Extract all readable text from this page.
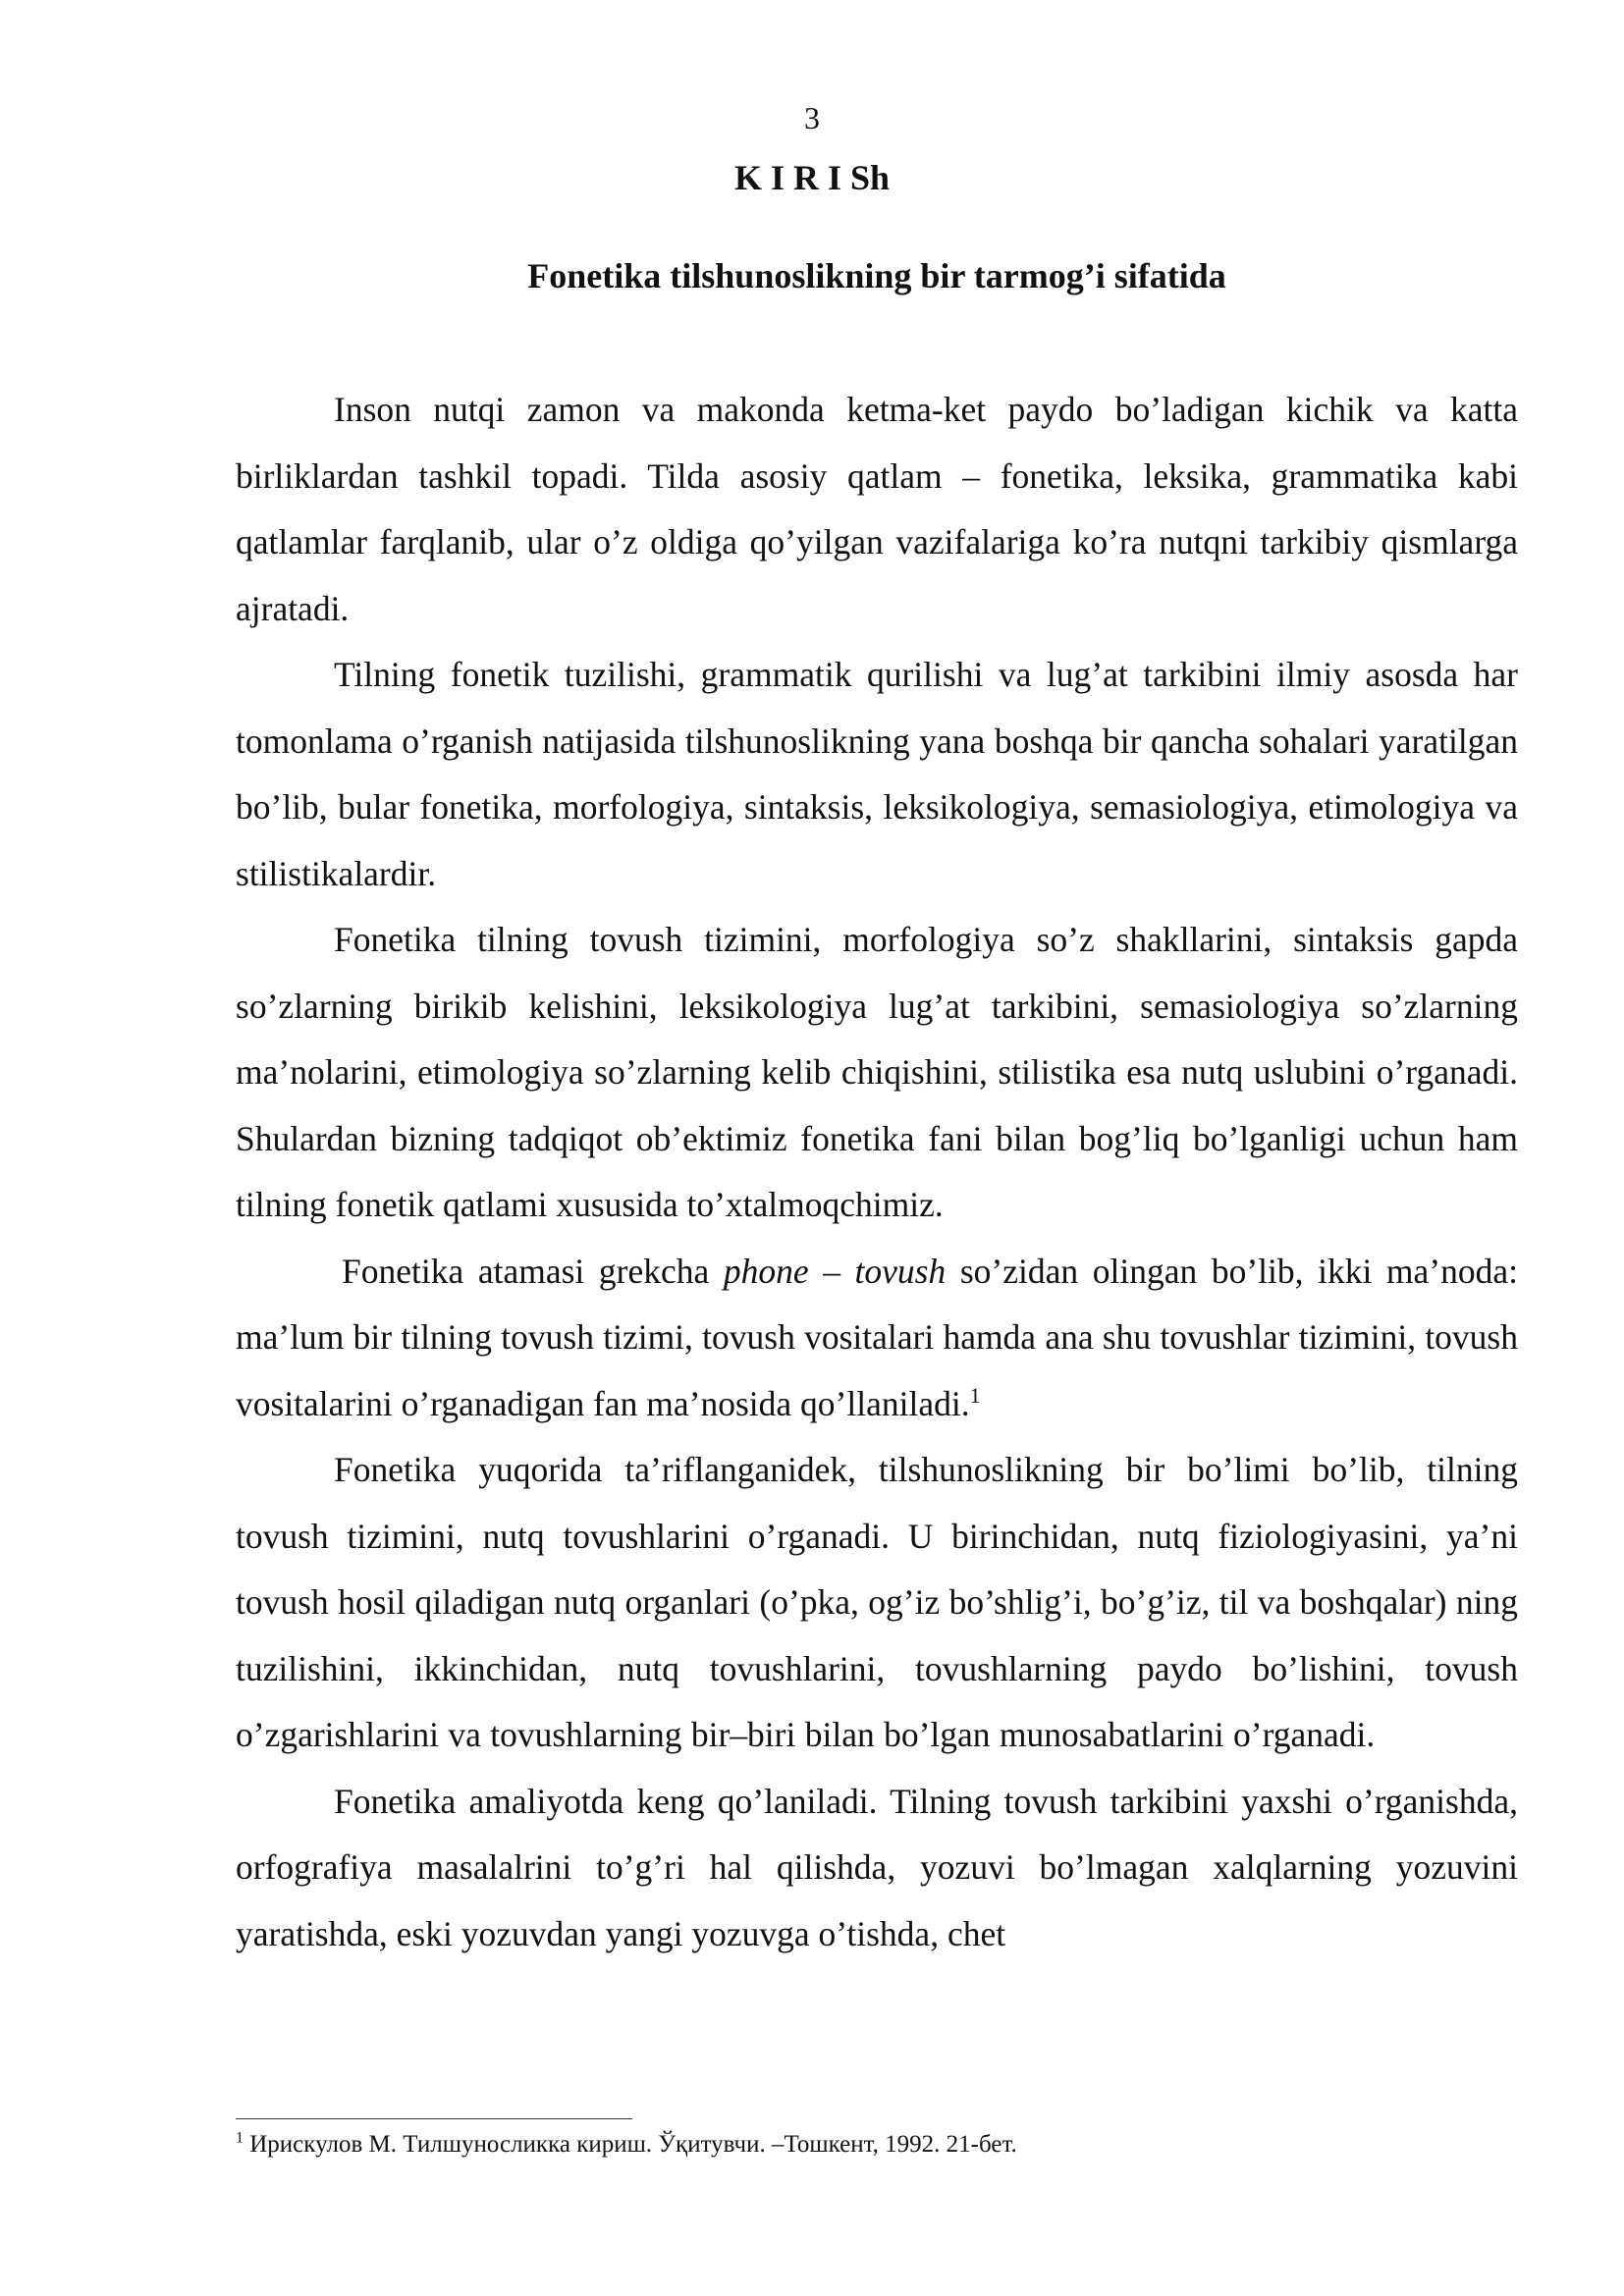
3
K I R I Sh
Fonetika tilshunoslikning bir tarmog’i sifatida

Inson nutqi zamon va makonda ketma-ket paydo bo’ladigan kichik va katta birliklardan tashkil topadi. Tilda asosiy qatlam – fonetika, leksika, grammatika kabi qatlamlar farqlanib, ular o’z oldiga qo’yilgan vazifalariga ko’ra nutqni tarkibiy qismlarga ajratadi.

Tilning fonetik tuzilishi, grammatik qurilishi va lug’at tarkibini ilmiy asosda har tomonlama o’rganish natijasida tilshunoslikning yana boshqa bir qancha sohalari yaratilgan bo’lib, bular fonetika, morfologiya, sintaksis, leksikologiya, semasiologiya, etimologiya va stilistikalardir.

Fonetika tilning tovush tizimini, morfologiya so’z shakllarini, sintaksis gapda so’zlarning birikib kelishini, leksikologiya lug’at tarkibini, semasiologiya so’zlarning ma’nolarini, etimologiya so’zlarning kelib chiqishini, stilistika esa nutq uslubini o’rganadi. Shulardan bizning tadqiqot ob’ektimiz fonetika fani bilan bog’liq bo’lganligi uchun ham tilning fonetik qatlami xususida to’xtalmoqchimiz.

Fonetika atamasi grekcha phone – tovush so’zidan olingan bo’lib, ikki ma’noda: ma’lum bir tilning tovush tizimi, tovush vositalari hamda ana shu tovushlar tizimini, tovush vositalarini o’rganadigan fan ma’nosida qo’llaniladi.$^1$

Fonetika yuqorida ta’riflanganidek, tilshunoslikning bir bo’limi bo’lib, tilning tovush tizimini, nutq tovushlarini o’rganadi. U birinchidan, nutq fiziologiyasini, ya’ni tovush hosil qiladigan nutq organlari (o’pka, og’iz bo’shlig’i, bo’g’iz, til va boshqalar) ning tuzilishini, ikkinchidan, nutq tovushlarini, tovushlarning paydo bo’lishini, tovush o’zgarishlarini va tovushlarning bir–biri bilan bo’lgan munosabatlarini o’rganadi.

Fonetika amaliyotda keng qo’laniladi. Tilning tovush tarkibini yaxshi o’rganishda, orfografiya masalalrini to’g’ri hal qilishda, yozuvi bo’lmagan xalqlarning yozuvini yaratishda, eski yozuvdan yangi yozuvga o’tishda, chet

$^1$ Ирискулов М. Тилшуносликка кириш. Ўқитувчи. –Тошкент, 1992. 21-бет.
